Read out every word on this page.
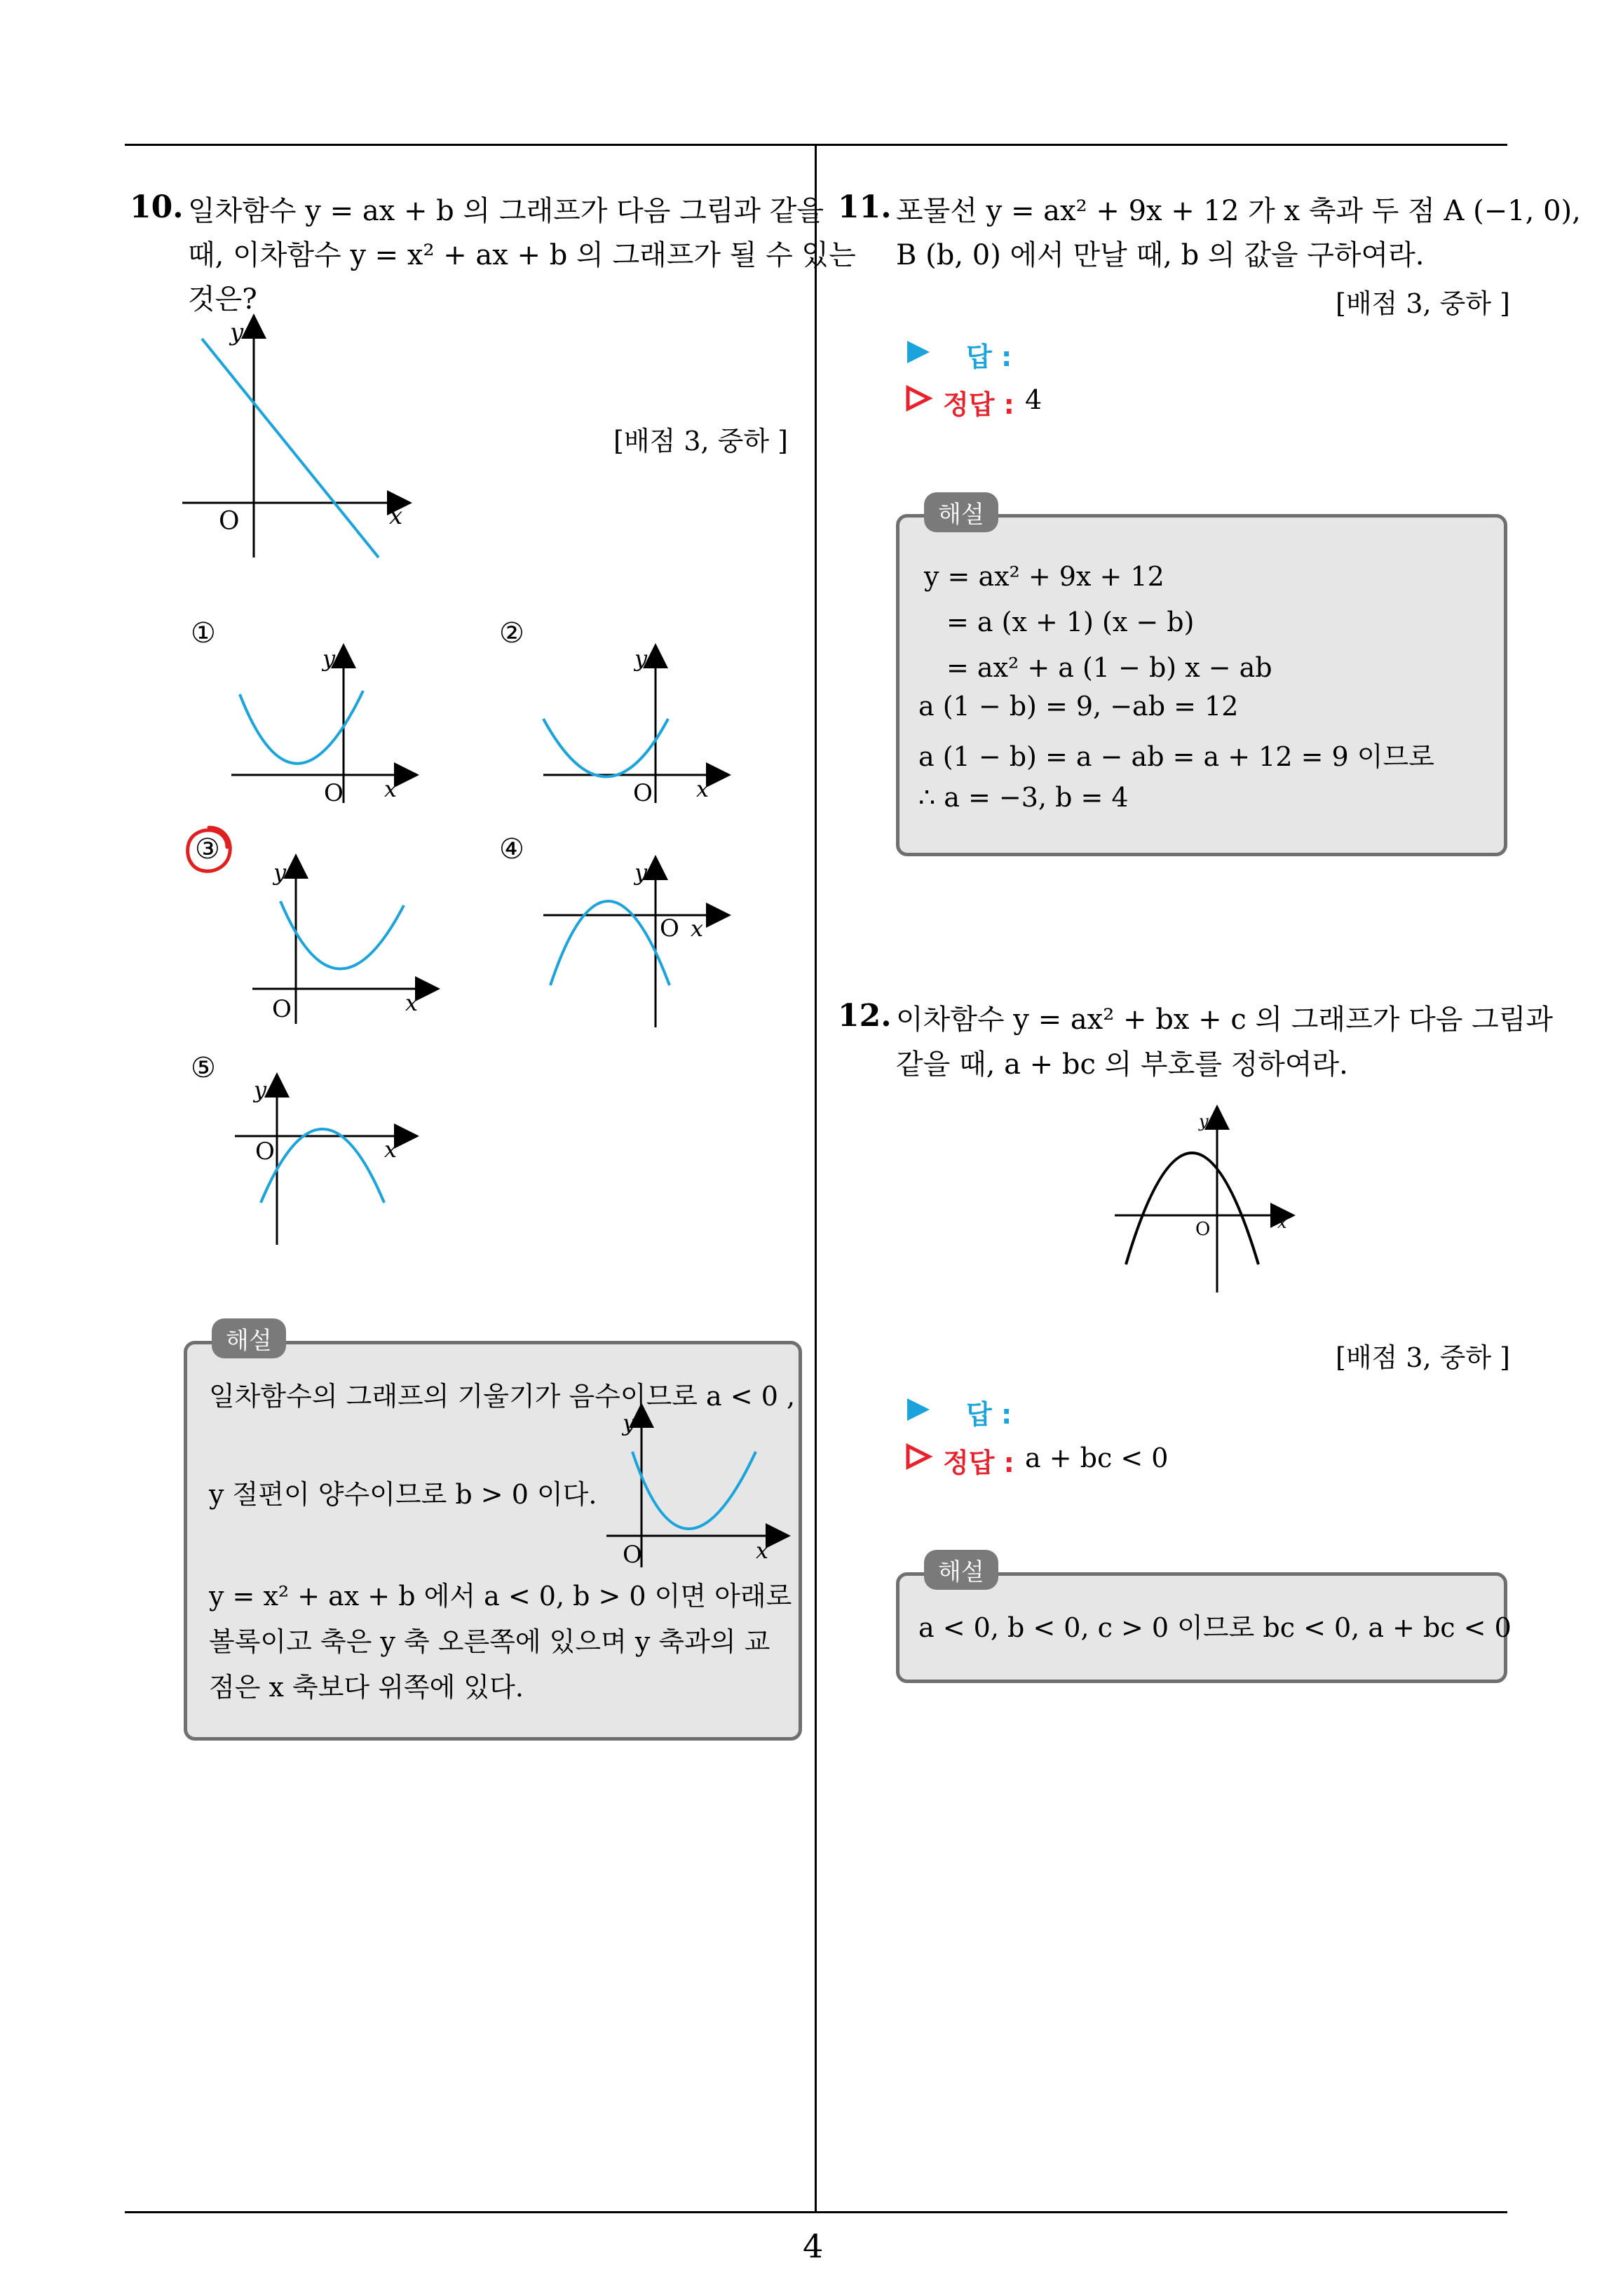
4
10. 일차함수 y = ax + b 의 그래프가 다음 그림과 같을
때, 이차함수 y = x² + ax + b 의 그래프가 될 수 있는
것은?
[배점 3, 중하 ]
y
x
O
①	②
③	④
⑤
y
x
O
y
x
O
y
x
O
y
x
O
y
x
O
해설
일차함수의 그래프의 기울기가 음수이므로 a < 0 ,
y 절편이 양수이므로 b > 0 이다.
y
x
O
y = x² + ax + b 에서 a < 0, b > 0 이면 아래로
볼록이고 축은 y 축 오른쪽에 있으며 y 축과의 교
점은 x 축보다 위쪽에 있다.
11. 포물선 y = ax² + 9x + 12 가 x 축과 두 점 A (−1, 0),
B (b, 0) 에서 만날 때, b 의 값을 구하여라.
[배점 3, 중하 ]
답 :
정답 : 4
해설
y = ax² + 9x + 12
= a (x + 1) (x − b)
= ax² + a (1 − b) x − ab
a (1 − b) = 9, −ab = 12
a (1 − b) = a − ab = a + 12 = 9 이므로
∴ a = −3, b = 4
12. 이차함수 y = ax² + bx + c 의 그래프가 다음 그림과
같을 때, a + bc 의 부호를 정하여라.
y
x
O
[배점 3, 중하 ]
답 :
정답 : a + bc < 0
해설
a < 0, b < 0, c > 0 이므로 bc < 0, a + bc < 0
